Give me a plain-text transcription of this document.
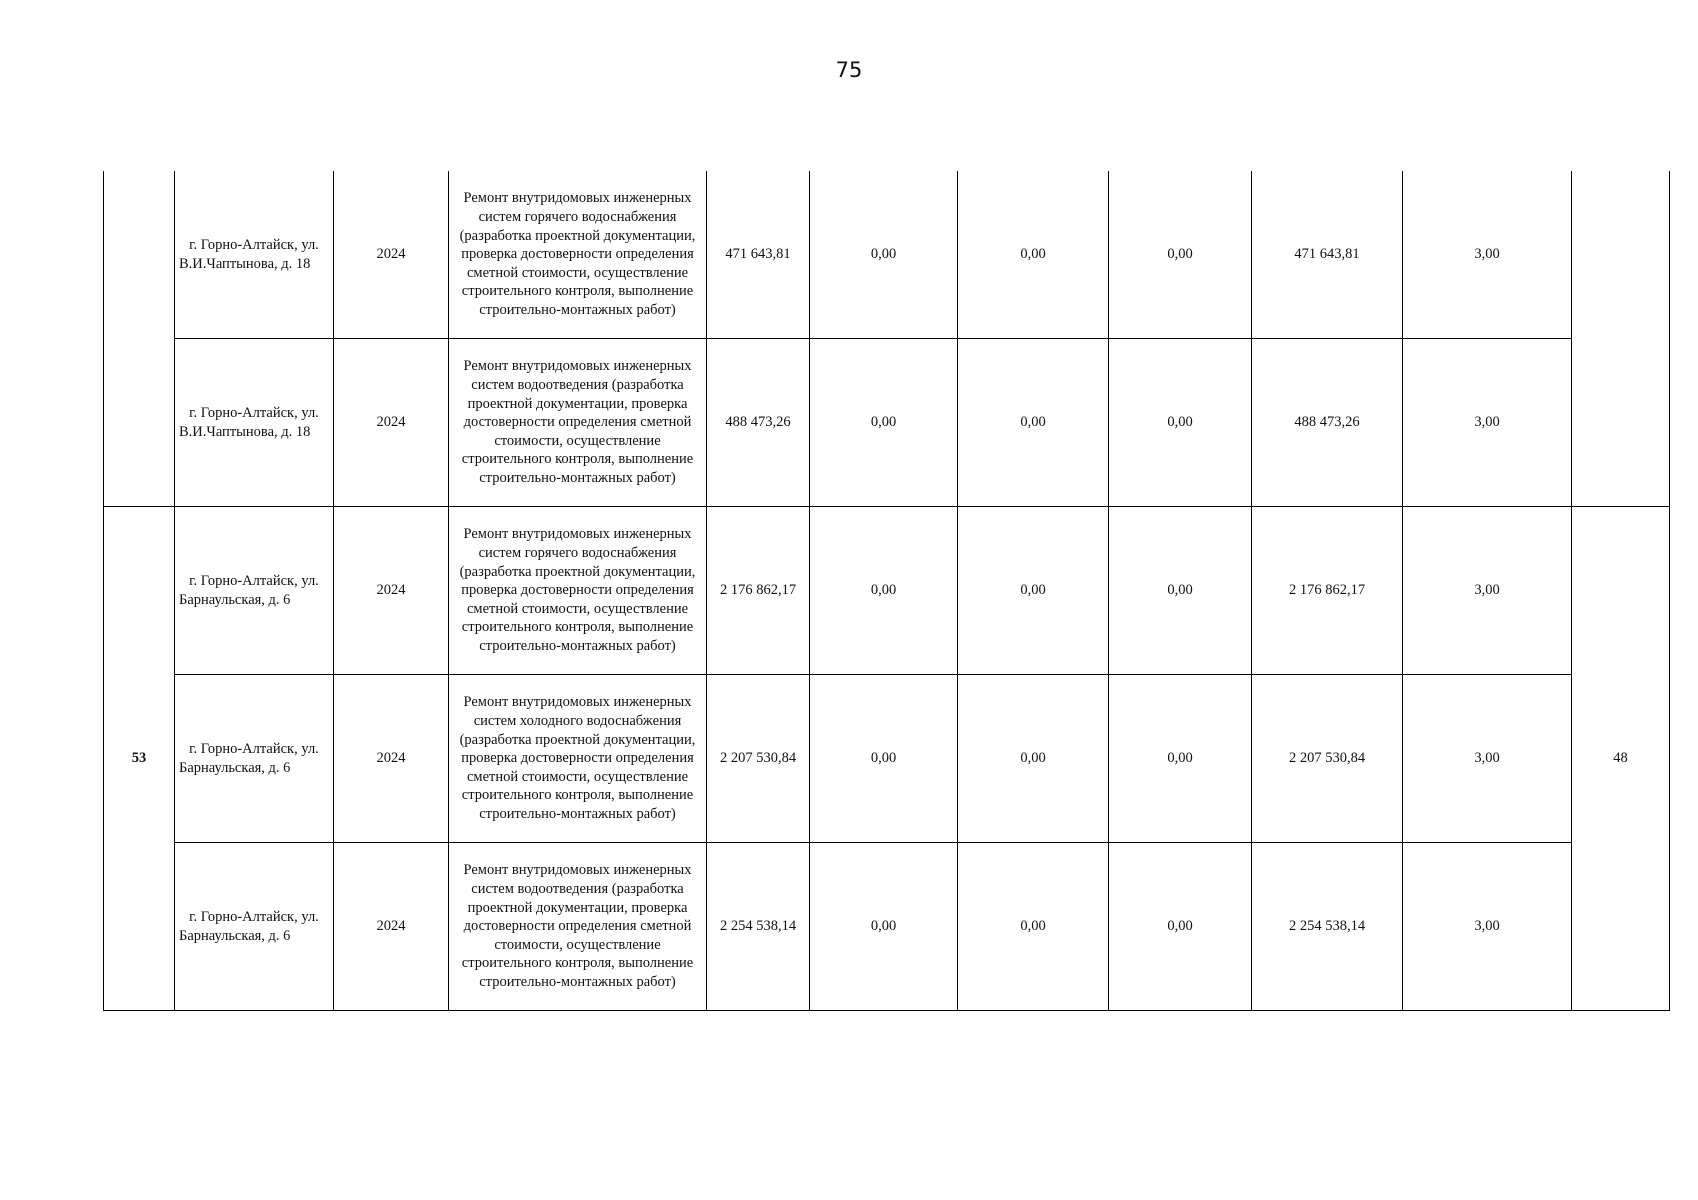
75
	г. Горно-Алтайск, ул. В.И.Чаптынова, д. 18	2024	Ремонт внутридомовых инженерных систем горячего водоснабжения (разработка проектной документации, проверка достоверности определения сметной стоимости, осуществление строительного контроля, выполнение строительно-монтажных работ)	471 643,81	0,00	0,00	0,00	471 643,81	3,00	
	г. Горно-Алтайск, ул. В.И.Чаптынова, д. 18	2024	Ремонт внутридомовых инженерных систем водоотведения (разработка проектной документации, проверка достоверности определения сметной стоимости, осуществление строительного контроля, выполнение строительно-монтажных работ)	488 473,26	0,00	0,00	0,00	488 473,26	3,00	
53	г. Горно-Алтайск, ул. Барнаульская, д. 6	2024	Ремонт внутридомовых инженерных систем горячего водоснабжения (разработка проектной документации, проверка достоверности определения сметной стоимости, осуществление строительного контроля, выполнение строительно-монтажных работ)	2 176 862,17	0,00	0,00	0,00	2 176 862,17	3,00	48
	г. Горно-Алтайск, ул. Барнаульская, д. 6	2024	Ремонт внутридомовых инженерных систем холодного водоснабжения (разработка проектной документации, проверка достоверности определения сметной стоимости, осуществление строительного контроля, выполнение строительно-монтажных работ)	2 207 530,84	0,00	0,00	0,00	2 207 530,84	3,00	
	г. Горно-Алтайск, ул. Барнаульская, д. 6	2024	Ремонт внутридомовых инженерных систем водоотведения (разработка проектной документации, проверка достоверности определения сметной стоимости, осуществление строительного контроля, выполнение строительно-монтажных работ)	2 254 538,14	0,00	0,00	0,00	2 254 538,14	3,00	
